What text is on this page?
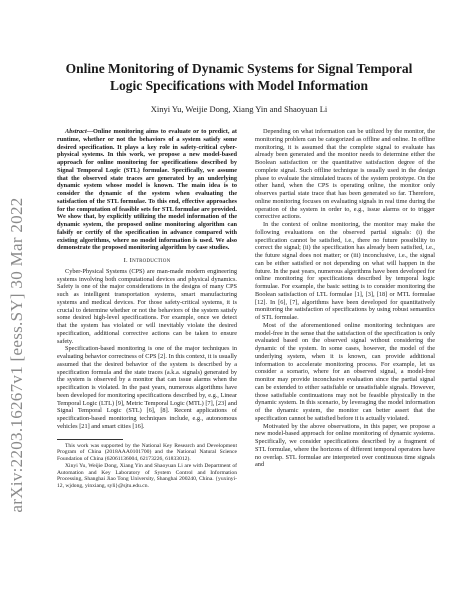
arXiv:2203.16267v1 [eess.SY] 30 Mar 2022
Online Monitoring of Dynamic Systems for Signal Temporal Logic Specifications with Model Information
Xinyi Yu, Weijie Dong, Xiang Yin and Shaoyuan Li

Abstract—Online monitoring aims to evaluate or to predict, at runtime, whether or not the behaviors of a system satisfy some desired specification. It plays a key role in safety-critical cyber-physical systems. In this work, we propose a new model-based approach for online monitoring for specifications described by Signal Temporal Logic (STL) formulae. Specifically, we assume that the observed state traces are generated by an underlying dynamic system whose model is known. The main idea is to consider the dynamic of the system when evaluating the satisfaction of the STL formulae. To this end, effective approaches for the computation of feasible sets for STL formulae are provided. We show that, by explicitly utilizing the model information of the dynamic system, the proposed online monitoring algorithm can falsify or certify of the specification in advance compared with existing algorithms, where no model information is used. We also demonstrate the proposed monitoring algorithm by case studies.

I. Introduction

Cyber-Physical Systems (CPS) are man-made modern engineering systems involving both computational devices and physical dynamics. Safety is one of the major considerations in the designs of many CPS such as intelligent transportation systems, smart manufacturing systems and medical devices. For those safety-critical systems, it is crucial to determine whether or not the behaviors of the system satisfy some desired high-level specifications. For example, once we detect that the system has violated or will inevitably violate the desired specification, additional corrective actions can be taken to ensure safety.

Specification-based monitoring is one of the major techniques in evaluating behavior correctness of CPS [2]. In this context, it is usually assumed that the desired behavior of the system is described by a specification formula and the state traces (a.k.a. signals) generated by the system is observed by a monitor that can issue alarms when the specification is violated. In the past years, numerous algorithms have been developed for monitoring specifications described by, e.g., Linear Temporal Logic (LTL) [9], Metric Temporal Logic (MTL) [7], [23] and Signal Temporal Logic (STL) [6], [8]. Recent applications of specification-based monitoring techniques include, e.g., autonomous vehicles [21] and smart cities [16].

This work was supported by the National Key Research and Development Program of China (2018AAA0101700) and the National Natural Science Foundation of China (62061136004, 62173226, 61833012).

Xinyi Yu, Weijie Dong, Xiang Yin and Shaoyuan Li are with Department of Automation and Key Laboratory of System Control and Information Processing, Shanghai Jiao Tong University, Shanghai 200240, China. {yuxinyi-12, wjdong, yinxiang, syli}@sjtu.edu.cn.

Depending on what information can be utilized by the monitor, the monitoring problem can be categorized as offline and online. In offline monitoring, it is assumed that the complete signal to evaluate has already been generated and the monitor needs to determine either the Boolean satisfaction or the quantitative satisfaction degree of the complete signal. Such offline technique is usually used in the design phase to evaluate the simulated traces of the system prototype. On the other hand, when the CPS is operating online, the monitor only observes partial state trace that has been generated so far. Therefore, online monitoring focuses on evaluating signals in real time during the operation of the system in order to, e.g., issue alarms or to trigger corrective actions.

In the context of online monitoring, the monitor may make the following evaluations on the observed partial signals: (i) the specification cannot be satisfied, i.e., there no future possibility to correct the signal; (ii) the specification has already been satisfied, i.e., the future signal does not matter; or (iii) inconclusive, i.e., the signal can be either satisfied or not depending on what will happen in the future. In the past years, numerous algorithms have been developed for online monitoring for specifications described by temporal logic formulae. For example, the basic setting is to consider monitoring the Boolean satisfaction of LTL formulae [1], [3], [18] or MTL formulae [12]. In [6], [7], algorithms have been developed for quantitatively monitoring the satisfaction of specifications by using robust semantics of STL formulae.

Most of the aforementioned online monitoring techniques are model-free in the sense that the satisfaction of the specification is only evaluated based on the observed signal without considering the dynamic of the system. In some cases, however, the model of the underlying system, when it is known, can provide additional information to accelerate monitoring process. For example, let us consider a scenario, where for an observed signal, a model-free monitor may provide inconclusive evaluation since the partial signal can be extended to either satisfiable or unsatisfiable signals. However, those satisfiable continuations may not be feasible physically in the dynamic system. In this scenario, by leveraging the model information of the dynamic system, the monitor can better assert that the specification cannot be satisfied before it is actually violated.

Motivated by the above observations, in this paper, we propose a new model-based approach for online monitoring of dynamic systems. Specifically, we consider specifications described by a fragment of STL formulae, where the horizons of different temporal operators have no overlap. STL formulae are interpreted over continuous time signals and
